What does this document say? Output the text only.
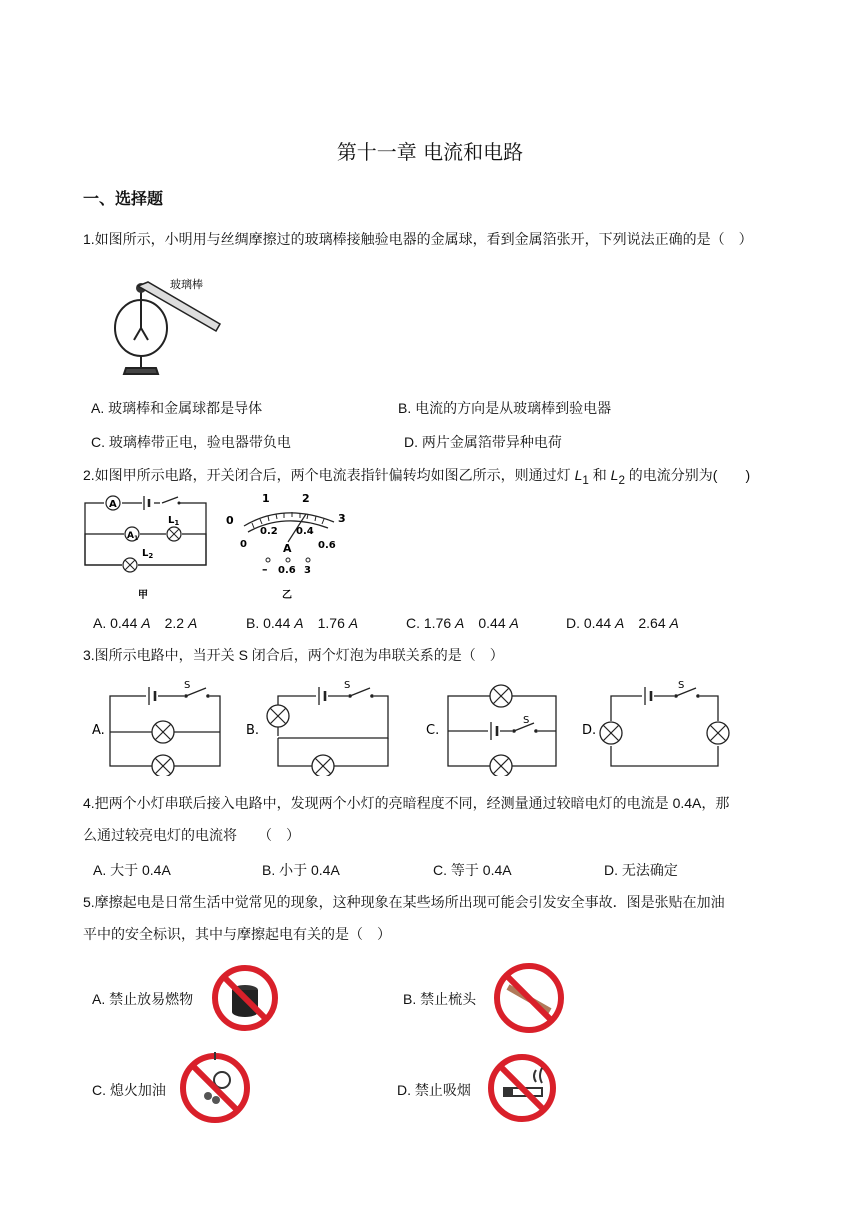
第十一章 电流和电路
一、选择题
1.如图所示，小明用与丝绸摩擦过的玻璃棒接触验电器的金属球，看到金属箔张开，下列说法正确的是（　）
玻璃棒
A. 玻璃棒和金属球都是导体	B. 电流的方向是从玻璃棒到验电器
C. 玻璃棒带正电，验电器带负电	D. 两片金属箔带异种电荷
2.如图甲所示电路，开关闭合后，两个电流表指针偏转均如图乙所示，则通过灯 $L_1$ 和 $L_2$ 的电流分别为(　　)
A
$A_1$
$L_1$
$L_2$
甲
0
1	2
3
0
0.2 0.4
0.6
A
– 0.6 3
乙
A. 0.44 A　2.2 A	B. 0.44 A　1.76 A	C. 1.76 A　0.44 A	D. 0.44 A　2.64 A
3.图所示电路中，当开关 S 闭合后，两个灯泡为串联关系的是（　）
S	S
S
S
A.	B.	C.	D.
4.把两个小灯串联后接入电路中，发现两个小灯的亮暗程度不同，经测量通过较暗电灯的电流是 0.4A，那
么通过较亮电灯的电流将　　（　）
A. 大于 0.4A	B. 小于 0.4A	C. 等于 0.4A	D. 无法确定
5.摩擦起电是日常生活中觉常见的现象，这种现象在某些场所出现可能会引发安全事故．图是张贴在加油
平中的安全标识，其中与摩擦起电有关的是（　）
A. 禁止放易燃物	B. 禁止梳头
C. 熄火加油	D. 禁止吸烟
